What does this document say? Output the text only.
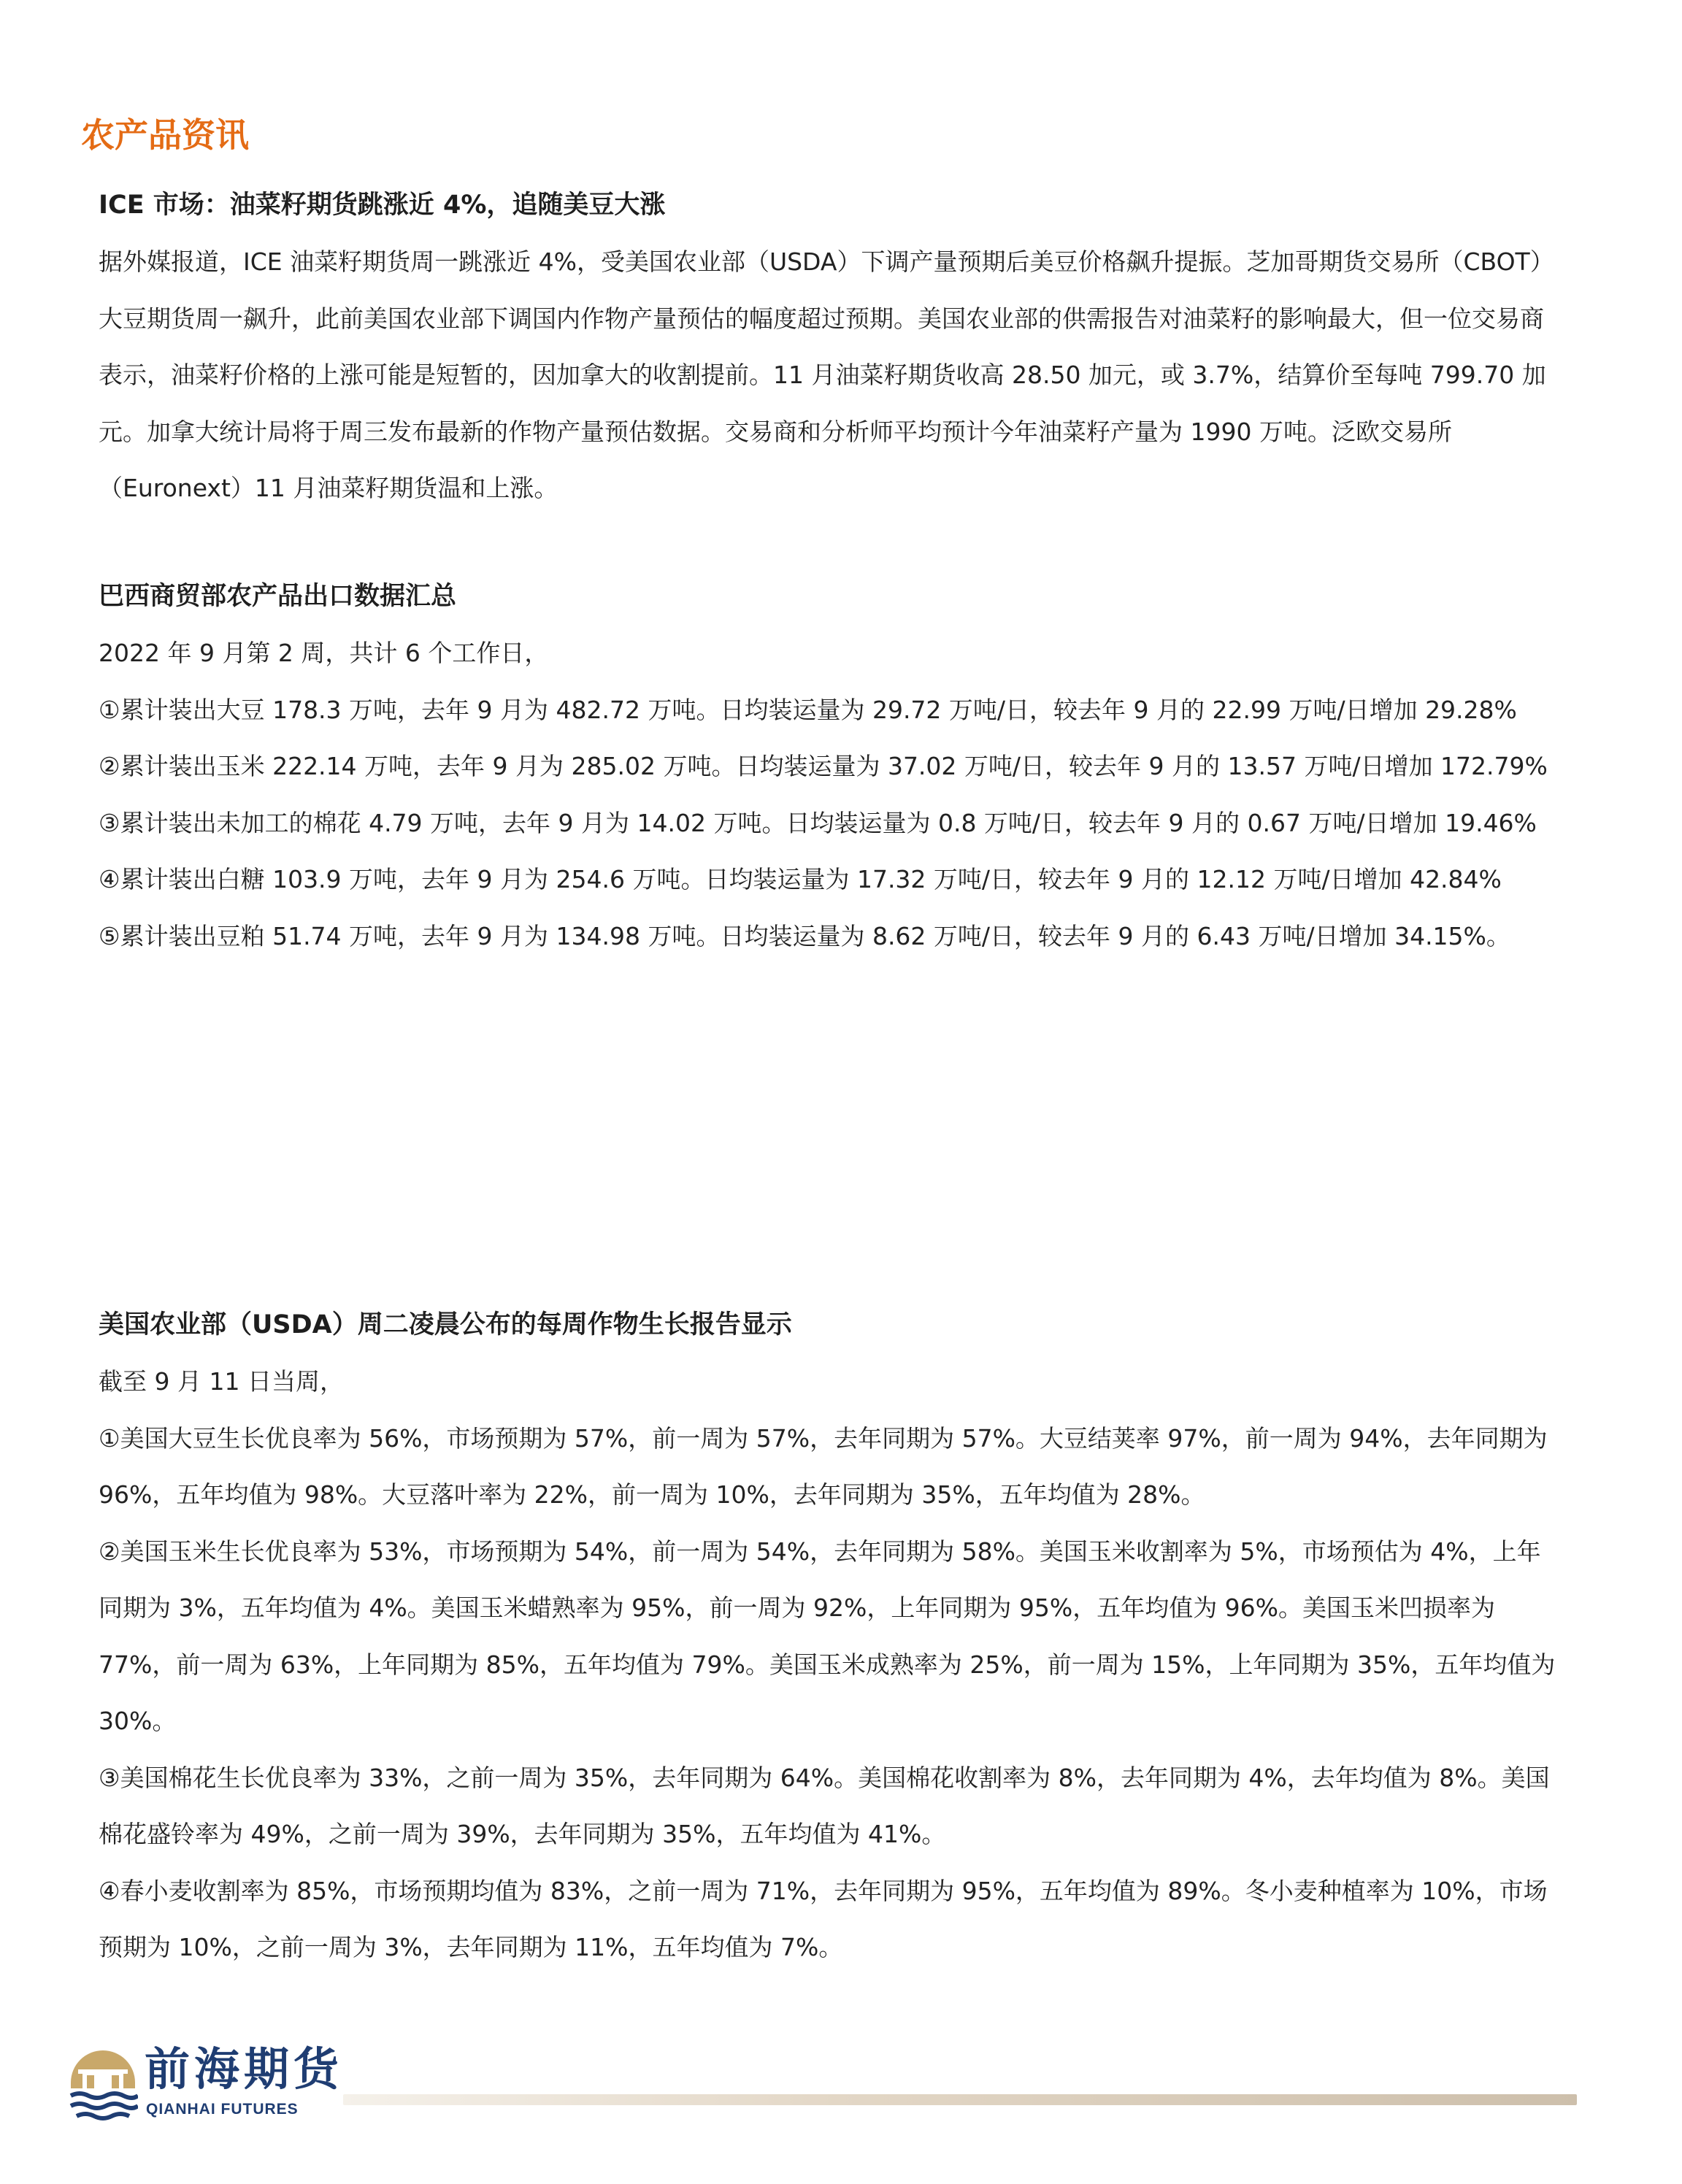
农产品资讯
ICE 市场：油菜籽期货跳涨近 4%，追随美豆大涨

据外媒报道，ICE 油菜籽期货周一跳涨近 4%，受美国农业部（USDA）下调产量预期后美豆价格飙升提振。芝加哥期货交易所（CBOT）大豆期货周一飙升，此前美国农业部下调国内作物产量预估的幅度超过预期。美国农业部的供需报告对油菜籽的影响最大，但一位交易商表示，油菜籽价格的上涨可能是短暂的，因加拿大的收割提前。11 月油菜籽期货收高 28.50 加元，或 3.7%，结算价至每吨 799.70 加元。加拿大统计局将于周三发布最新的作物产量预估数据。交易商和分析师平均预计今年油菜籽产量为 1990 万吨。泛欧交易所（Euronext）11 月油菜籽期货温和上涨。

巴西商贸部农产品出口数据汇总

2022 年 9 月第 2 周，共计 6 个工作日，

①累计装出大豆 178.3 万吨，去年 9 月为 482.72 万吨。日均装运量为 29.72 万吨/日，较去年 9 月的 22.99 万吨/日增加 29.28%

②累计装出玉米 222.14 万吨，去年 9 月为 285.02 万吨。日均装运量为 37.02 万吨/日，较去年 9 月的 13.57 万吨/日增加 172.79%

③累计装出未加工的棉花 4.79 万吨，去年 9 月为 14.02 万吨。日均装运量为 0.8 万吨/日，较去年 9 月的 0.67 万吨/日增加 19.46%

④累计装出白糖 103.9 万吨，去年 9 月为 254.6 万吨。日均装运量为 17.32 万吨/日，较去年 9 月的 12.12 万吨/日增加 42.84%

⑤累计装出豆粕 51.74 万吨，去年 9 月为 134.98 万吨。日均装运量为 8.62 万吨/日，较去年 9 月的 6.43 万吨/日增加 34.15%。

美国农业部（USDA）周二凌晨公布的每周作物生长报告显示

截至 9 月 11 日当周，

①美国大豆生长优良率为 56%，市场预期为 57%，前一周为 57%，去年同期为 57%。大豆结荚率 97%，前一周为 94%，去年同期为 96%，五年均值为 98%。大豆落叶率为 22%，前一周为 10%，去年同期为 35%，五年均值为 28%。

②美国玉米生长优良率为 53%，市场预期为 54%，前一周为 54%，去年同期为 58%。美国玉米收割率为 5%，市场预估为 4%，上年同期为 3%，五年均值为 4%。美国玉米蜡熟率为 95%，前一周为 92%，上年同期为 95%，五年均值为 96%。美国玉米凹损率为 77%，前一周为 63%，上年同期为 85%，五年均值为 79%。美国玉米成熟率为 25%，前一周为 15%，上年同期为 35%，五年均值为 30%。

③美国棉花生长优良率为 33%，之前一周为 35%，去年同期为 64%。美国棉花收割率为 8%，去年同期为 4%，去年均值为 8%。美国棉花盛铃率为 49%，之前一周为 39%，去年同期为 35%，五年均值为 41%。

④春小麦收割率为 85%，市场预期均值为 83%，之前一周为 71%，去年同期为 95%，五年均值为 89%。冬小麦种植率为 10%，市场预期为 10%，之前一周为 3%，去年同期为 11%，五年均值为 7%。

前海期货
QIANHAI FUTURES
